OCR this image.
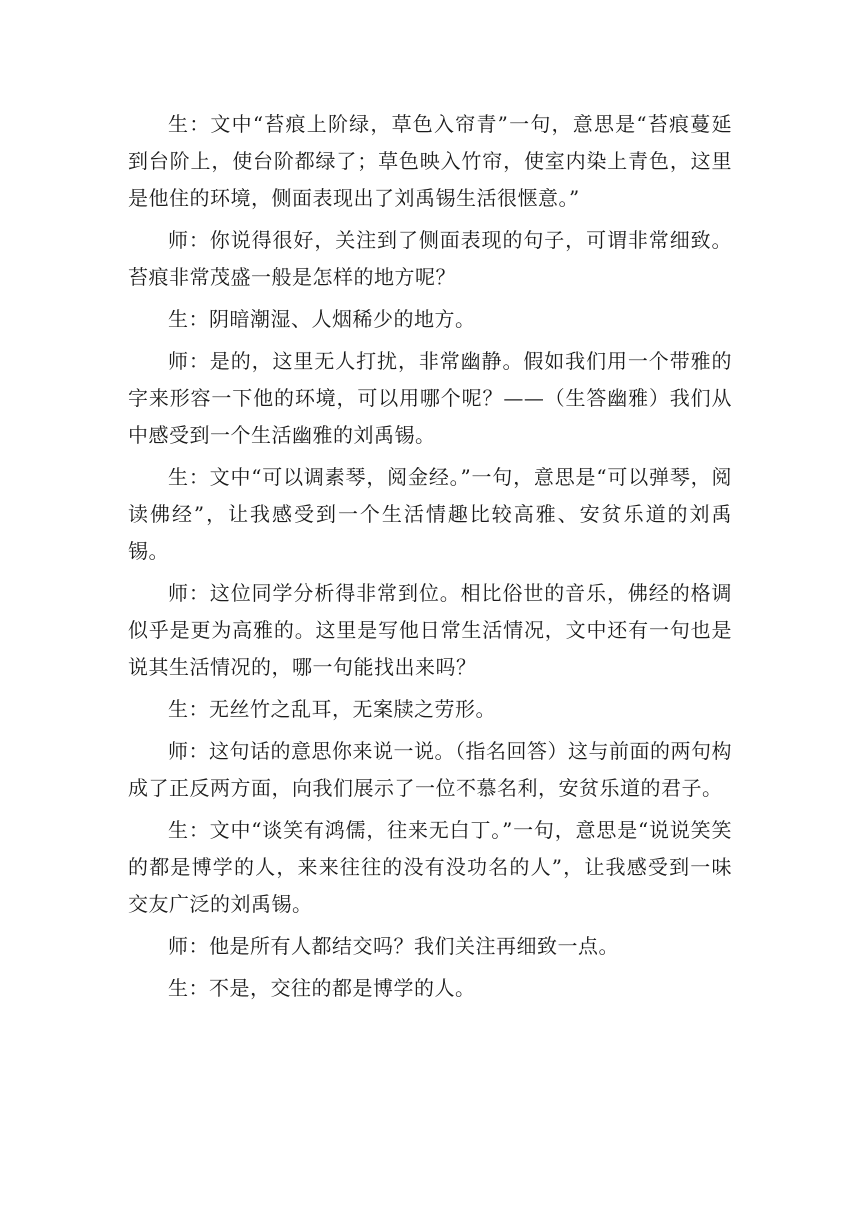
生：文中“苔痕上阶绿，草色入帘青”一句，意思是“苔痕蔓延到台阶上，使台阶都绿了；草色映入竹帘，使室内染上青色，这里是他住的环境，侧面表现出了刘禹锡生活很惬意。”

师：你说得很好，关注到了侧面表现的句子，可谓非常细致。苔痕非常茂盛一般是怎样的地方呢？

生：阴暗潮湿、人烟稀少的地方。

师：是的，这里无人打扰，非常幽静。假如我们用一个带雅的字来形容一下他的环境，可以用哪个呢？——（生答幽雅）我们从中感受到一个生活幽雅的刘禹锡。

生：文中“可以调素琴，阅金经。”一句，意思是“可以弹琴，阅读佛经”，让我感受到一个生活情趣比较高雅、安贫乐道的刘禹锡。

师：这位同学分析得非常到位。相比俗世的音乐，佛经的格调似乎是更为高雅的。这里是写他日常生活情况，文中还有一句也是说其生活情况的，哪一句能找出来吗？

生：无丝竹之乱耳，无案牍之劳形。

师：这句话的意思你来说一说。（指名回答）这与前面的两句构成了正反两方面，向我们展示了一位不慕名利，安贫乐道的君子。

生：文中“谈笑有鸿儒，往来无白丁。”一句，意思是“说说笑笑的都是博学的人，来来往往的没有没功名的人”，让我感受到一味交友广泛的刘禹锡。

师：他是所有人都结交吗？我们关注再细致一点。

生：不是，交往的都是博学的人。
